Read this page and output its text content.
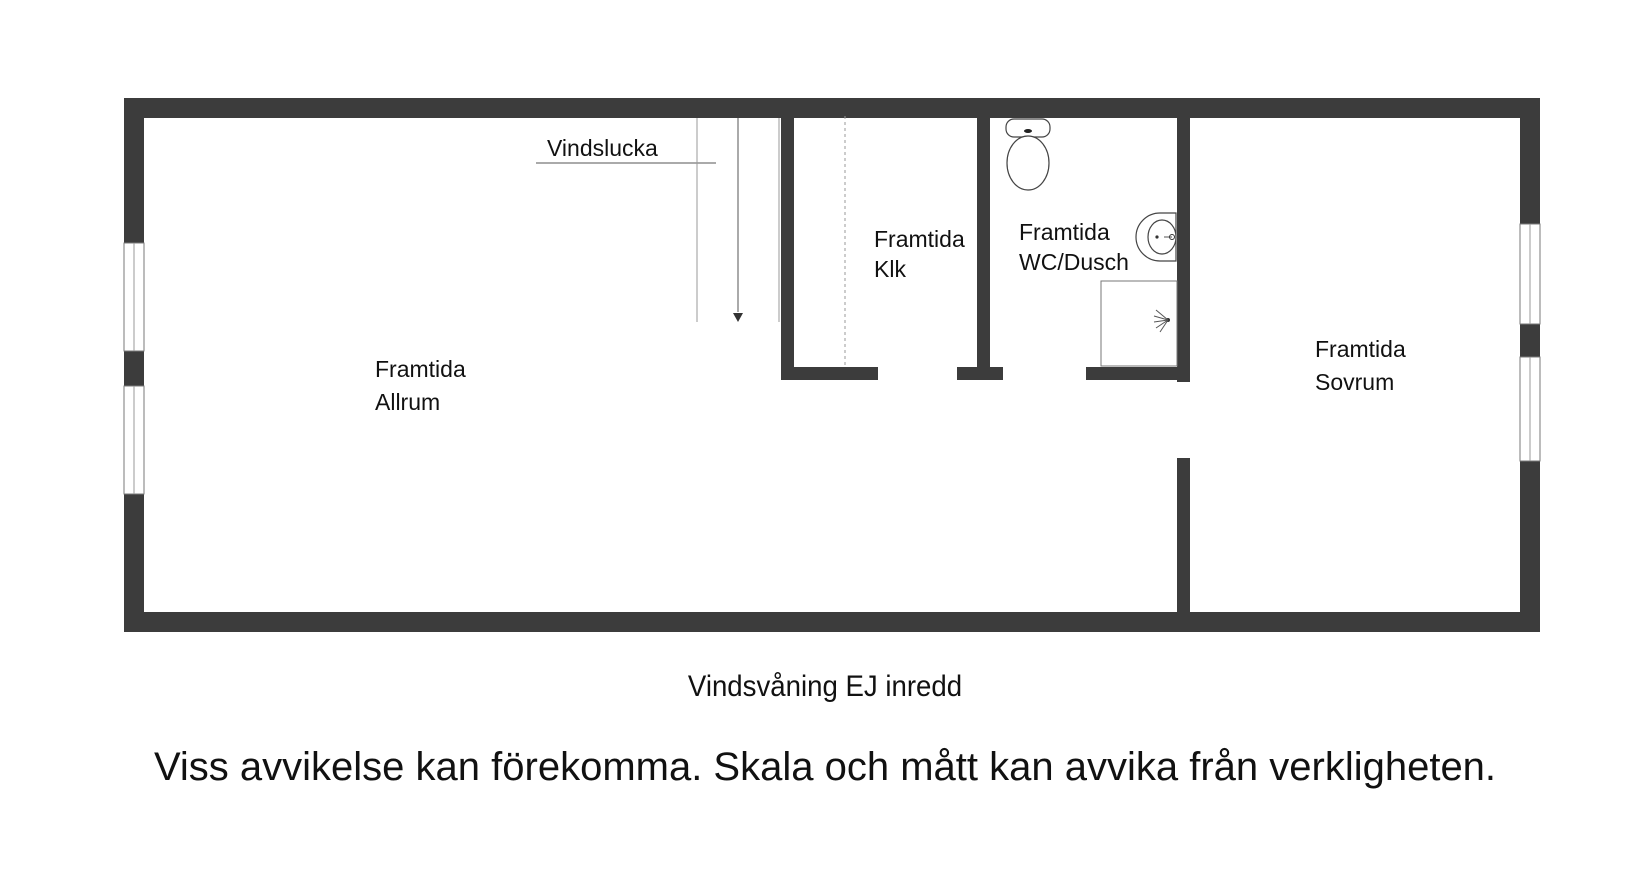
Vindslucka
Framtida
Klk
Framtida
WC/Dusch
Framtida
Allrum
Framtida
Sovrum

Vindsvåning EJ inredd

Viss avvikelse kan förekomma. Skala och mått kan avvika från verkligheten.
